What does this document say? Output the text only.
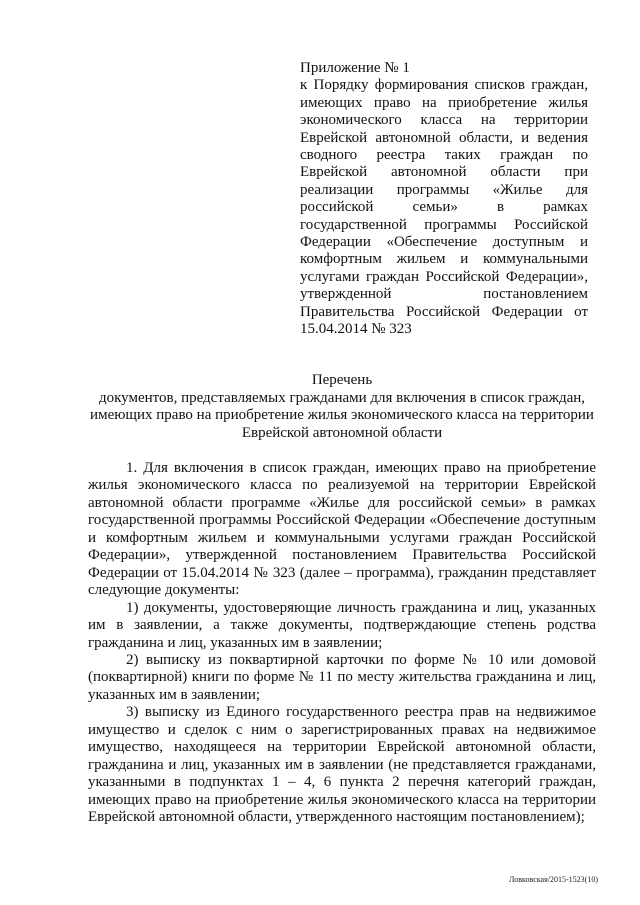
Приложение № 1
к Порядку формирования списков граждан, имеющих право на приобретение жилья экономического класса на территории Еврейской автономной области, и ведения сводного реестра таких граждан по Еврейской автономной области при реализации программы «Жилье для российской семьи» в рамках государственной программы Российской Федерации «Обеспечение доступным и комфортным жильем и коммунальными услугами граждан Российской Федерации», утвержденной постановлением Правительства Российской Федерации от 15.04.2014 № 323
Перечень
документов, представляемых гражданами для включения в список граждан, имеющих право на приобретение жилья экономического класса на территории Еврейской автономной области

1. Для включения в список граждан, имеющих право на приобретение жилья экономического класса по реализуемой на территории Еврейской автономной области программе «Жилье для российской семьи» в рамках государственной программы Российской Федерации «Обеспечение доступным и комфортным жильем и коммунальными услугами граждан Российской Федерации», утвержденной постановлением Правительства Российской Федерации от 15.04.2014 № 323 (далее – программа), гражданин представляет следующие документы:

1) документы, удостоверяющие личность гражданина и лиц, указанных им в заявлении, а также документы, подтверждающие степень родства гражданина и лиц, указанных им в заявлении;

2) выписку из поквартирной карточки по форме № 10 или домовой (поквартирной) книги по форме № 11 по месту жительства гражданина и лиц, указанных им в заявлении;

3) выписку из Единого государственного реестра прав на недвижимое имущество и сделок с ним о зарегистрированных правах на недвижимое имущество, находящееся на территории Еврейской автономной области, гражданина и лиц, указанных им в заявлении (не представляется гражданами, указанными в подпунктах 1 – 4, 6 пункта 2 перечня категорий граждан, имеющих право на приобретение жилья экономического класса на территории Еврейской автономной области, утвержденного настоящим постановлением);

Ловковская/2015-1523(10)
